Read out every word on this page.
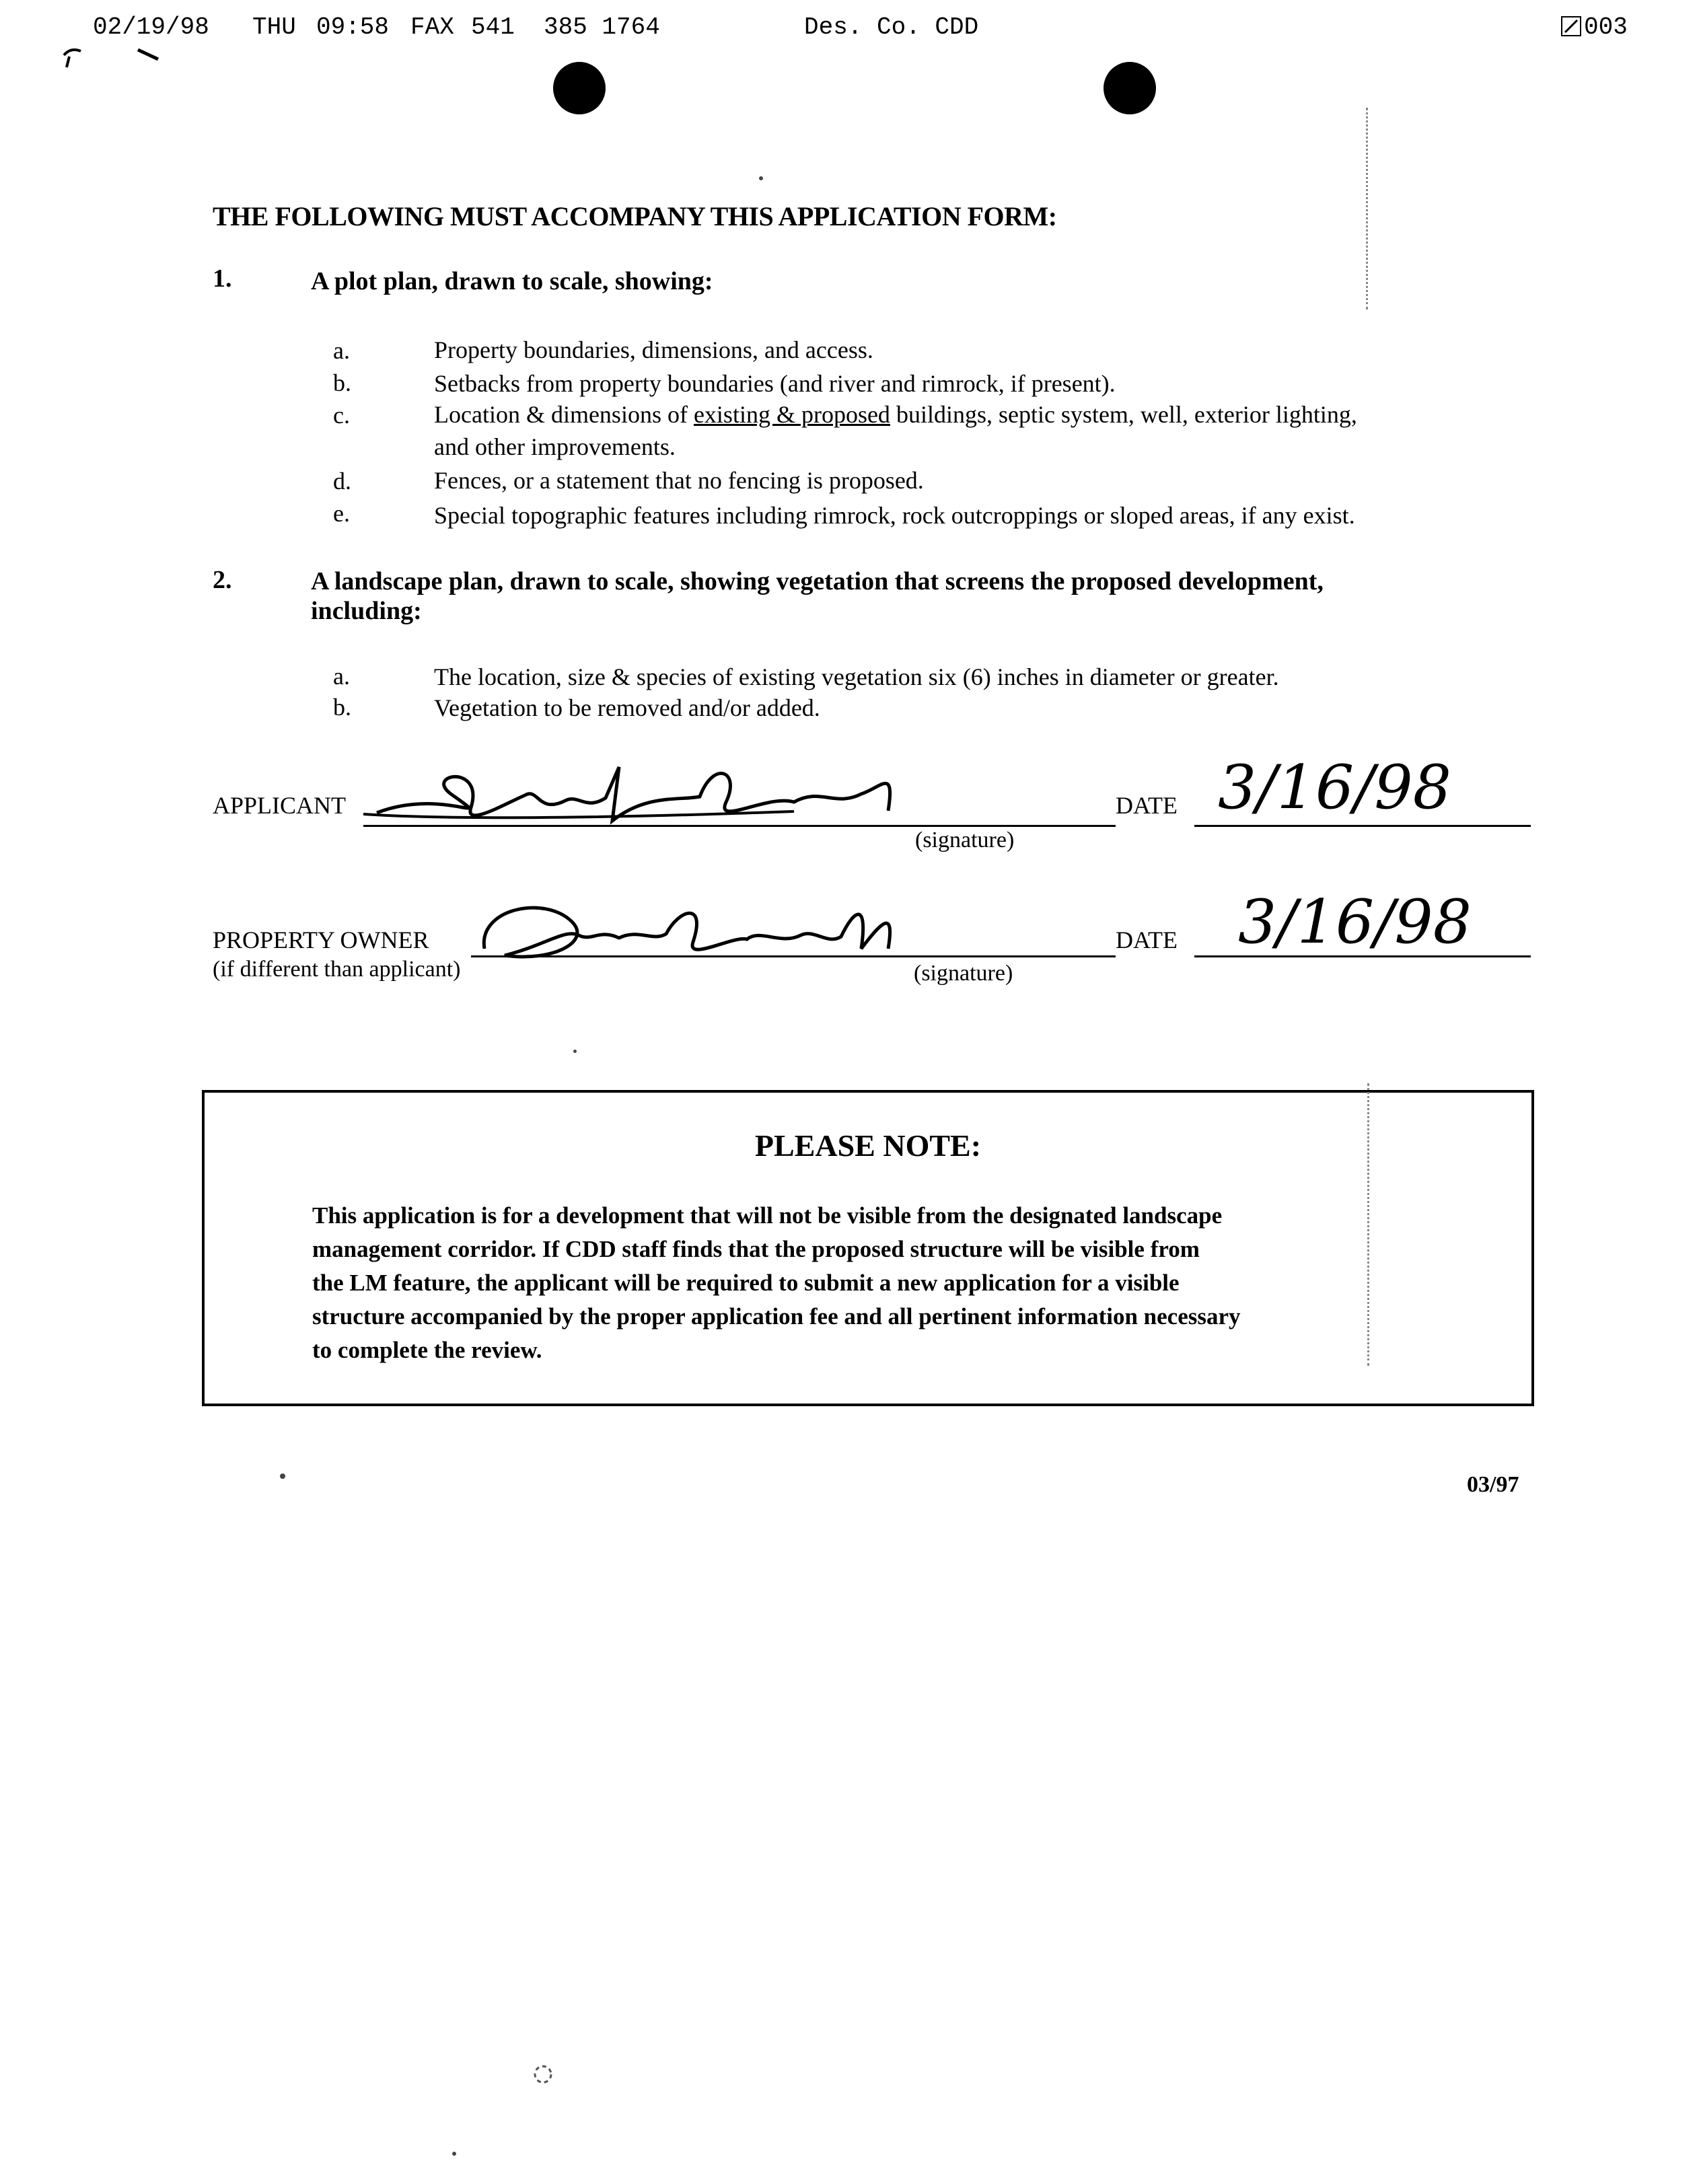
02/19/98 THU 09:58 FAX 541  385 1764	Des. Co. CDD	003
THE FOLLOWING MUST ACCOMPANY THIS APPLICATION FORM:
1.	A plot plan, drawn to scale, showing:
a.	Property boundaries, dimensions, and access.
b.	Setbacks from property boundaries (and river and rimrock, if present).
c.	Location & dimensions of existing & proposed buildings, septic system, well, exterior lighting,
and other improvements.
d.	Fences, or a statement that no fencing is proposed.
e.	Special topographic features including rimrock, rock outcroppings or sloped areas, if any exist.
2.	A landscape plan, drawn to scale, showing vegetation that screens the proposed development,
including:
a.	The location, size & species of existing vegetation six (6) inches in diameter or greater.
b.	Vegetation to be removed and/or added.
APPLICANT
(signature)
DATE 3/16/98
PROPERTY OWNER
(if different than applicant)	(signature)
DATE 3/16/98
PLEASE NOTE:
This application is for a development that will not be visible from the designated landscape
management corridor. If CDD staff finds that the proposed structure will be visible from
the LM feature, the applicant will be required to submit a new application for a visible
structure accompanied by the proper application fee and all pertinent information necessary
to complete the review.
03/97
